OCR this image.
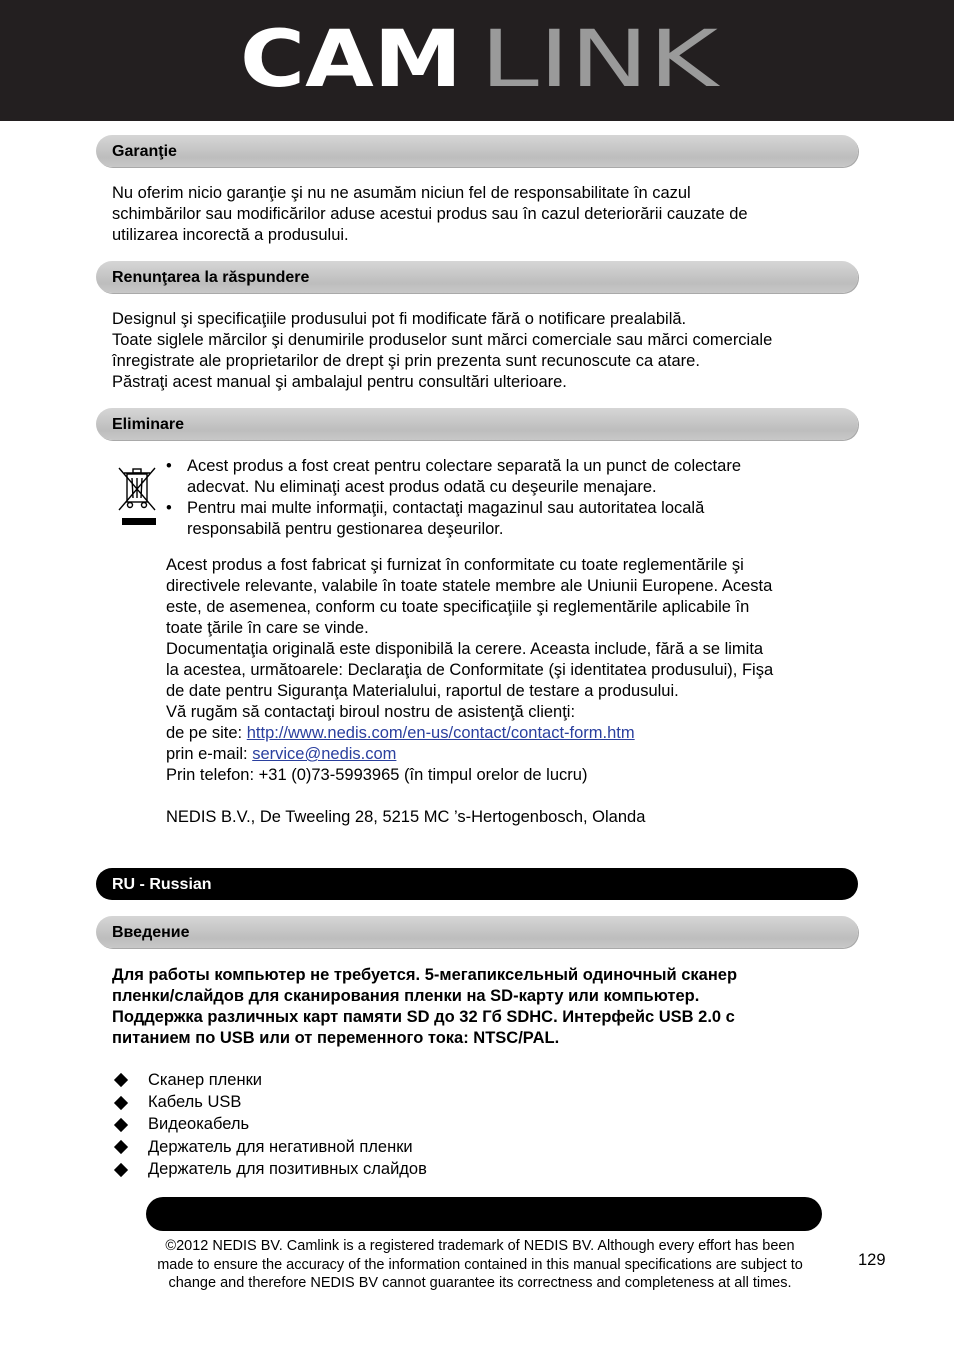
CAM LINK
Garanţie
Nu oferim nicio garanţie şi nu ne asumăm niciun fel de responsabilitate în cazul
schimbărilor sau modificărilor aduse acestui produs sau în cazul deteriorării cauzate de
utilizarea incorectă a produsului.
Renunţarea la răspundere
Designul şi specificaţiile produsului pot fi modificate fără o notificare prealabilă.
Toate siglele mărcilor şi denumirile produselor sunt mărci comerciale sau mărci comerciale
înregistrate ale proprietarilor de drept şi prin prezenta sunt recunoscute ca atare.
Păstraţi acest manual şi ambalajul pentru consultări ulterioare.
Eliminare
• Acest produs a fost creat pentru colectare separată la un punct de colectare
adecvat. Nu eliminaţi acest produs odată cu deşeurile menajare.
• Pentru mai multe informaţii, contactaţi magazinul sau autoritatea locală
responsabilă pentru gestionarea deşeurilor.
Acest produs a fost fabricat şi furnizat în conformitate cu toate reglementările şi
directivele relevante, valabile în toate statele membre ale Uniunii Europene. Acesta
este, de asemenea, conform cu toate specificaţiile şi reglementările aplicabile în
toate ţările în care se vinde.
Documentaţia originală este disponibilă la cerere. Aceasta include, fără a se limita
la acestea, următoarele: Declaraţia de Conformitate (şi identitatea produsului), Fişa
de date pentru Siguranţa Materialului, raportul de testare a produsului.
Vă rugăm să contactaţi biroul nostru de asistenţă clienţi:
de pe site: http://www.nedis.com/en-us/contact/contact-form.htm
prin e-mail: service@nedis.com
Prin telefon: +31 (0)73-5993965 (în timpul orelor de lucru)

NEDIS B.V., De Tweeling 28, 5215 MC ’s-Hertogenbosch, Olanda
RU - Russian
Введение
Для работы компьютер не требуется. 5-мегапиксельный одиночный сканер
пленки/слайдов для сканирования пленки на SD-карту или компьютер.
Поддержка различных карт памяти SD до 32 Гб SDHC. Интерфейс USB 2.0 с
питанием по USB или от переменного тока: NTSC/PAL.
Сканер пленки
Кабель USB
Видеокабель
Держатель для негативной пленки
Держатель для позитивных слайдов
©2012 NEDIS BV. Camlink is a registered trademark of NEDIS BV. Although every effort has been
made to ensure the accuracy of the information contained in this manual specifications are subject to
change and therefore NEDIS BV cannot guarantee its correctness and completeness at all times.
129
